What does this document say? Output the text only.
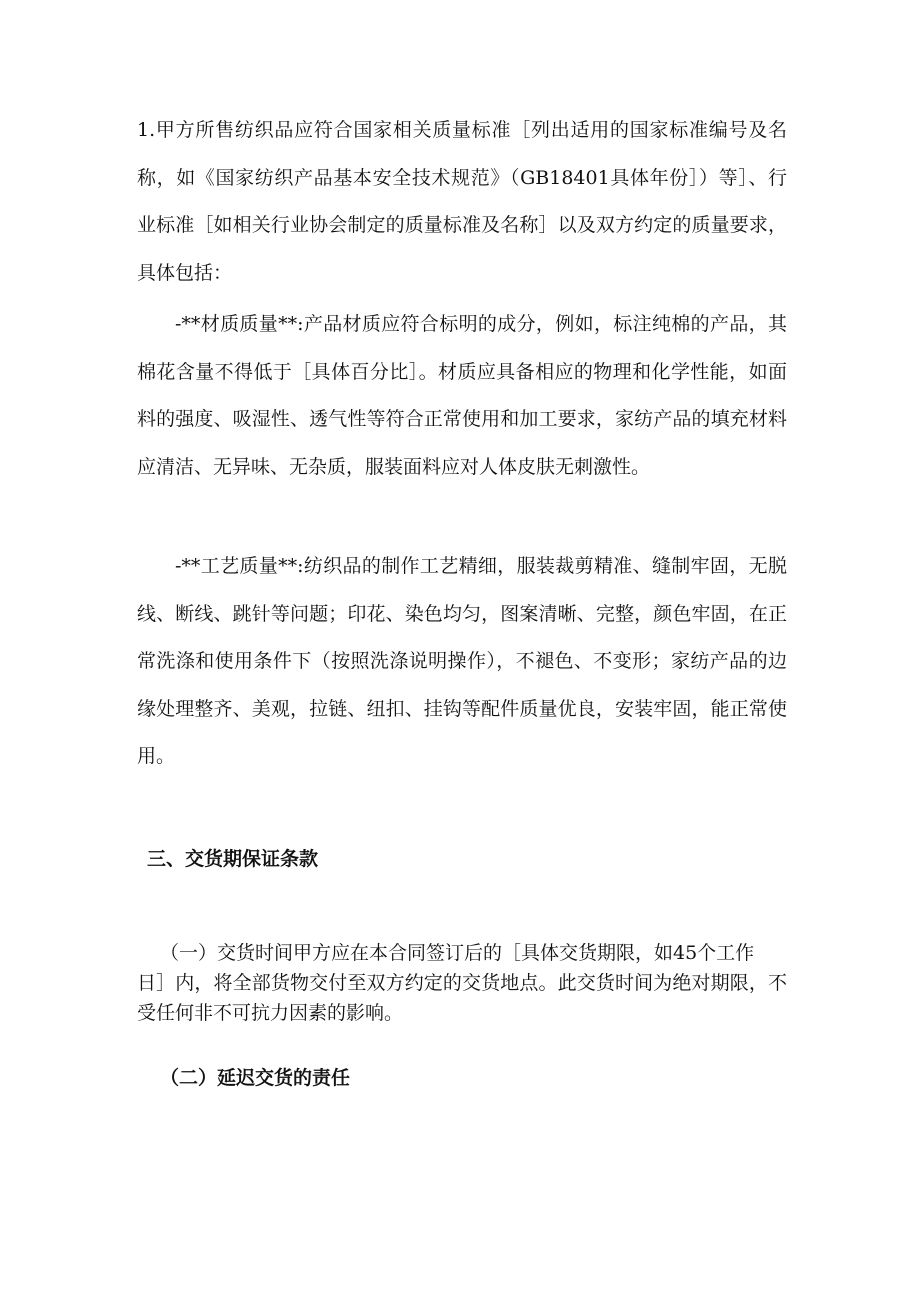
1.甲方所售纺织品应符合国家相关质量标准［列出适用的国家标准编号及名称，如《国家纺织产品基本安全技术规范》（GB18401具体年份］）等］、行业标准［如相关行业协会制定的质量标准及名称］以及双方约定的质量要求，具体包括：

-**材质质量**:产品材质应符合标明的成分，例如，标注纯棉的产品，其棉花含量不得低于［具体百分比］。材质应具备相应的物理和化学性能，如面料的强度、吸湿性、透气性等符合正常使用和加工要求，家纺产品的填充材料应清洁、无异味、无杂质，服装面料应对人体皮肤无刺激性。

-**工艺质量**:纺织品的制作工艺精细，服装裁剪精准、缝制牢固，无脱线、断线、跳针等问题；印花、染色均匀，图案清晰、完整，颜色牢固，在正常洗涤和使用条件下（按照洗涤说明操作），不褪色、不变形；家纺产品的边缘处理整齐、美观，拉链、纽扣、挂钩等配件质量优良，安装牢固，能正常使用。

三、交货期保证条款

（一）交货时间甲方应在本合同签订后的［具体交货期限，如45个工作
日］内，将全部货物交付至双方约定的交货地点。此交货时间为绝对期限，不受任何非不可抗力因素的影响。

（二）延迟交货的责任
